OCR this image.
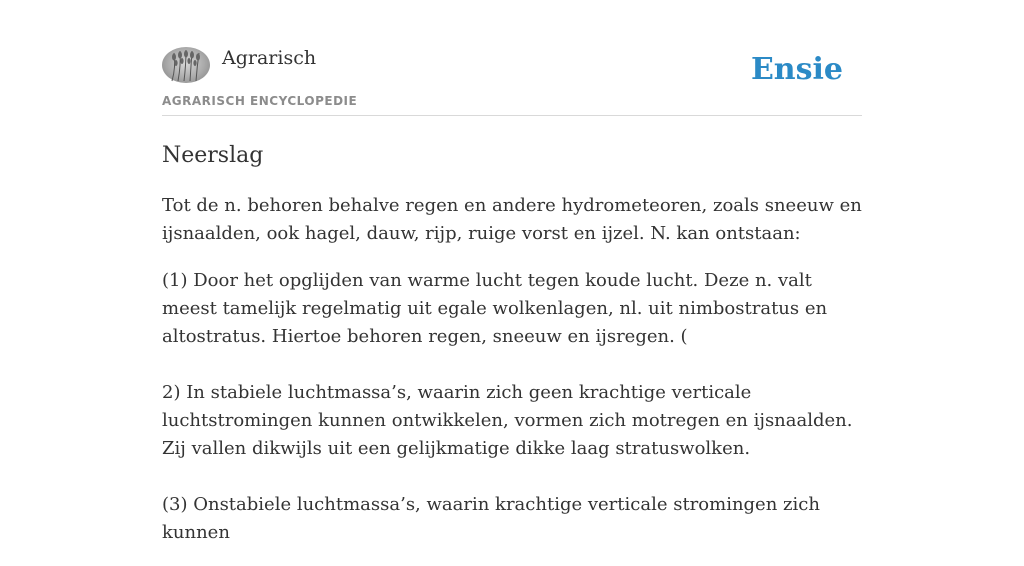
Agrarisch
AGRARISCH ENCYCLOPEDIE
Ensie
Neerslag

Tot de n. behoren behalve regen en andere hydrometeoren, zoals sneeuw en ijsnaalden, ook hagel, dauw, rijp, ruige vorst en ijzel. N. kan ontstaan:

(1) Door het opglijden van warme lucht tegen koude lucht. Deze n. valt meest tamelijk regelmatig uit egale wolkenlagen, nl. uit nimbostratus en altostratus. Hiertoe behoren regen, sneeuw en ijsregen. (

2) In stabiele luchtmassa’s, waarin zich geen krachtige verticale luchtstromingen kunnen ontwikkelen, vormen zich motregen en ijsnaalden. Zij vallen dikwijls uit een gelijkmatige dikke laag stratuswolken.

(3) Onstabiele luchtmassa’s, waarin krachtige verticale stromingen zich kunnen
